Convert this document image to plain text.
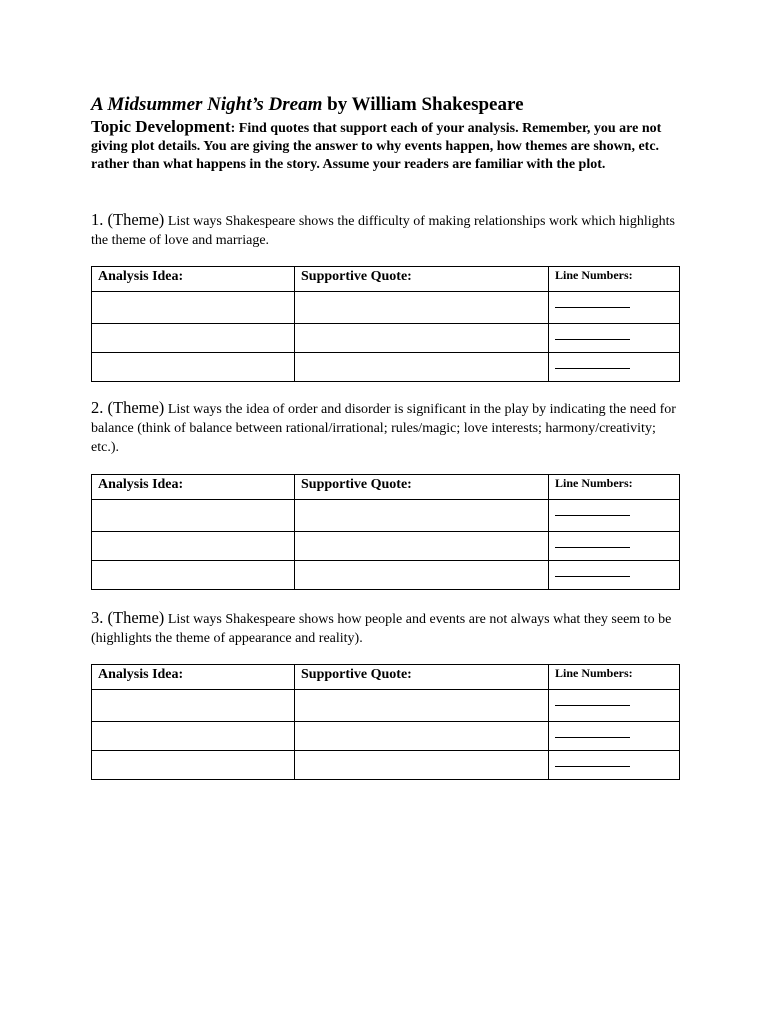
A Midsummer Night’s Dream by William Shakespeare
Topic Development: Find quotes that support each of your analysis. Remember, you are not giving plot details. You are giving the answer to why events happen, how themes are shown, etc. rather than what happens in the story. Assume your readers are familiar with the plot.
1. (Theme) List ways Shakespeare shows the difficulty of making relationships work which highlights the theme of love and marriage.
Analysis Idea:	Supportive Quote:	Line Numbers:

2. (Theme) List ways the idea of order and disorder is significant in the play by indicating the need for balance (think of balance between rational/irrational; rules/magic; love interests; harmony/creativity; etc.).
Analysis Idea:	Supportive Quote:	Line Numbers:

3. (Theme) List ways Shakespeare shows how people and events are not always what they seem to be (highlights the theme of appearance and reality).
Analysis Idea:	Supportive Quote:	Line Numbers:
